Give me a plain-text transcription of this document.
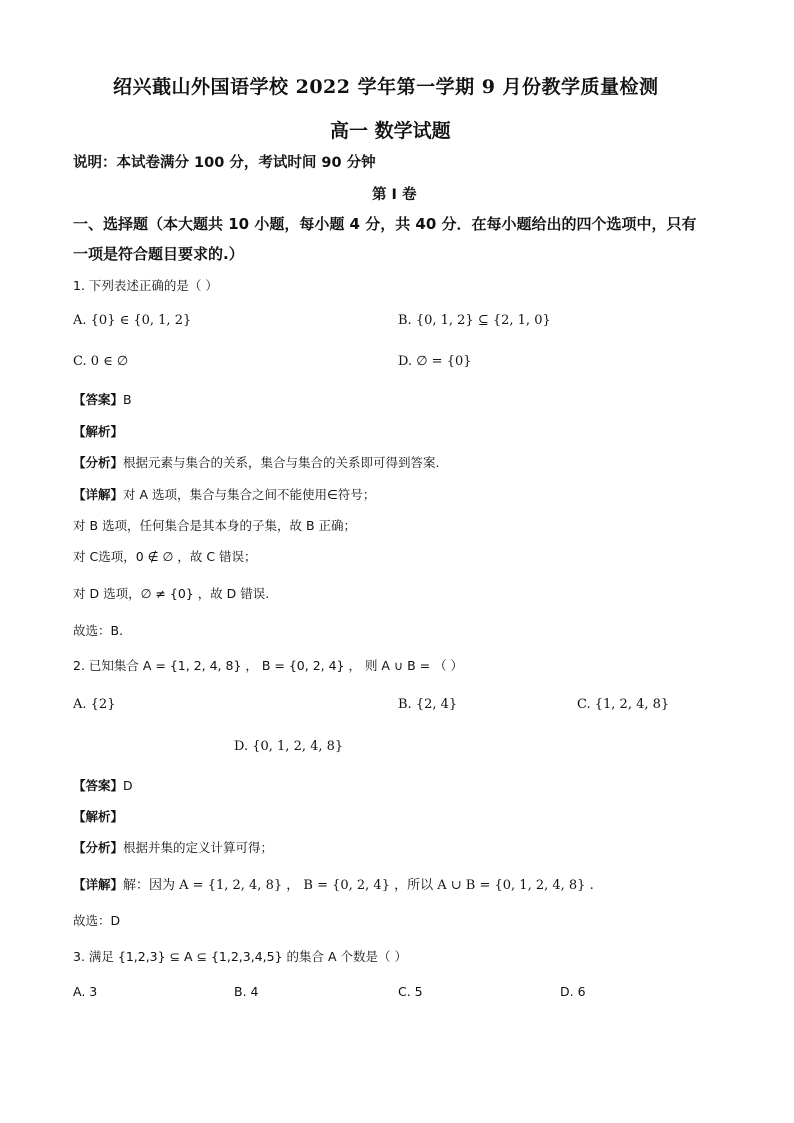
绍兴蕺山外国语学校 2022 学年第一学期 9 月份教学质量检测
高一 数学试题
说明：本试卷满分 100 分，考试时间 90 分钟
第 I 卷
一、选择题（本大题共 10 小题，每小题 4 分，共 40 分．在每小题给出的四个选项中，只有
一项是符合题目要求的.）
1. 下列表述正确的是（ ）
A. {0} ∈ {0, 1, 2}	B. {0, 1, 2} ⊆ {2, 1, 0}
C. 0 ∈ ∅	D. ∅ = {0}
【答案】B
【解析】
【分析】根据元素与集合的关系，集合与集合的关系即可得到答案.
【详解】对 A 选项，集合与集合之间不能使用∈符号；
对 B 选项，任何集合是其本身的子集，故 B 正确；
对 C选项，0 ∉ ∅ ，故 C 错误；
对 D 选项，∅ ≠ {0} ，故 D 错误.
故选：B.
2. 已知集合 A = {1, 2, 4, 8} ， B = {0, 2, 4} ， 则 A ∪ B = （ ）
A. {2}	B. {2, 4}	C. {1, 2, 4, 8}
D. {0, 1, 2, 4, 8}
【答案】D
【解析】
【分析】根据并集的定义计算可得；
【详解】解：因为 A = {1, 2, 4, 8} ， B = {0, 2, 4} ，所以 A ∪ B = {0, 1, 2, 4, 8} .
故选：D
3. 满足 {1,2,3} ⊆ A ⊆ {1,2,3,4,5} 的集合 A 个数是（ ）
A. 3	B. 4	C. 5	D. 6
